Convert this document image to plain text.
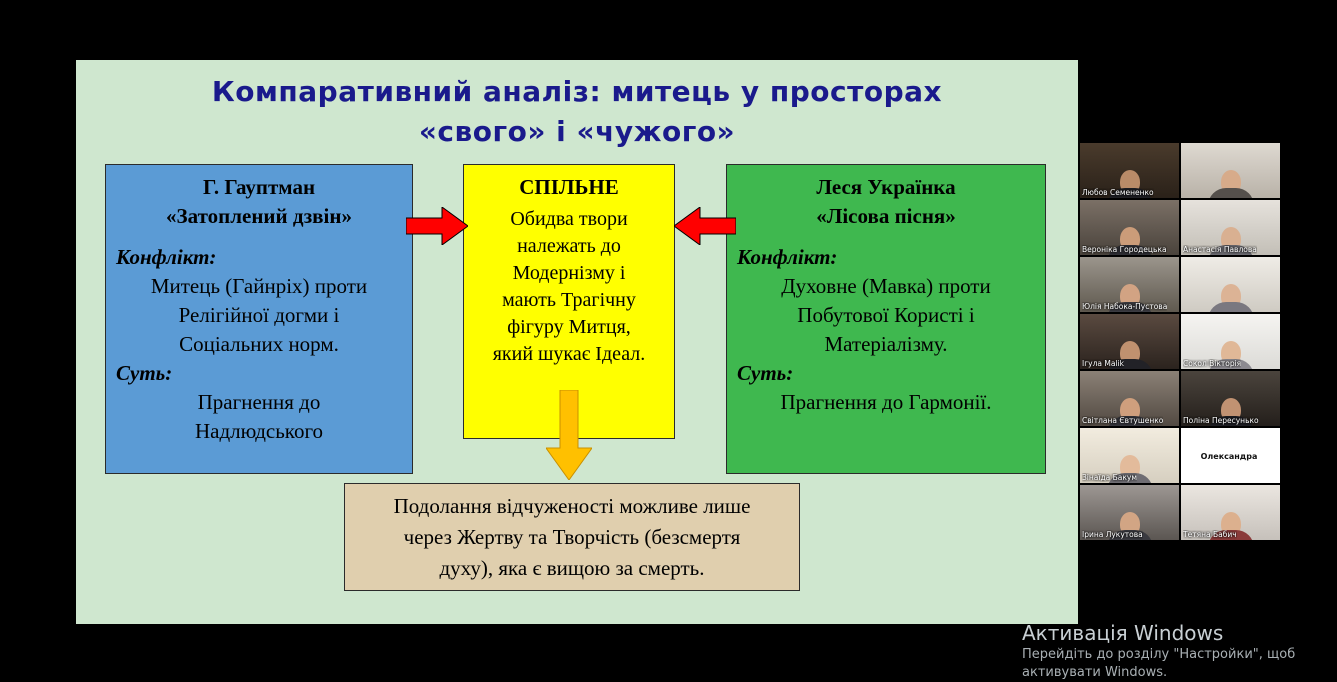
Компаративний аналіз: митець у просторах
«свого» і «чужого»
Г. Гауптман
«Затоплений дзвін»
Конфлікт:
Митець (Гайнріх) проти
Релігійної догми і
Соціальних норм.
Суть:
Прагнення до
Надлюдського
СПІЛЬНЕ
Обидва твори
належать до
Модернізму і
мають Трагічну
фігуру Митця,
який шукає Ідеал.
Леся Українка
«Лісова пісня»
Конфлікт:
Духовне (Мавка) проти
Побутової Користі і
Матеріалізму.
Суть:
Прагнення до Гармонії.
Подолання відчуженості можливе лише
через Жертву та Творчість (безсмертя
духу), яка є вищою за смерть.
Любов Семененко
Вероніка Городецька Анастасія Павлова
Юлія Набока-Пустова
Ігула Malik	Сокол Вікторія
Світлана Євтушенко	Поліна Пересунько
Зінаїда Бакум
Олександра
Ірина Лукутова	Тетяна Бабич
Активація Windows
Перейдіть до розділу "Настройки", щоб
активувати Windows.
